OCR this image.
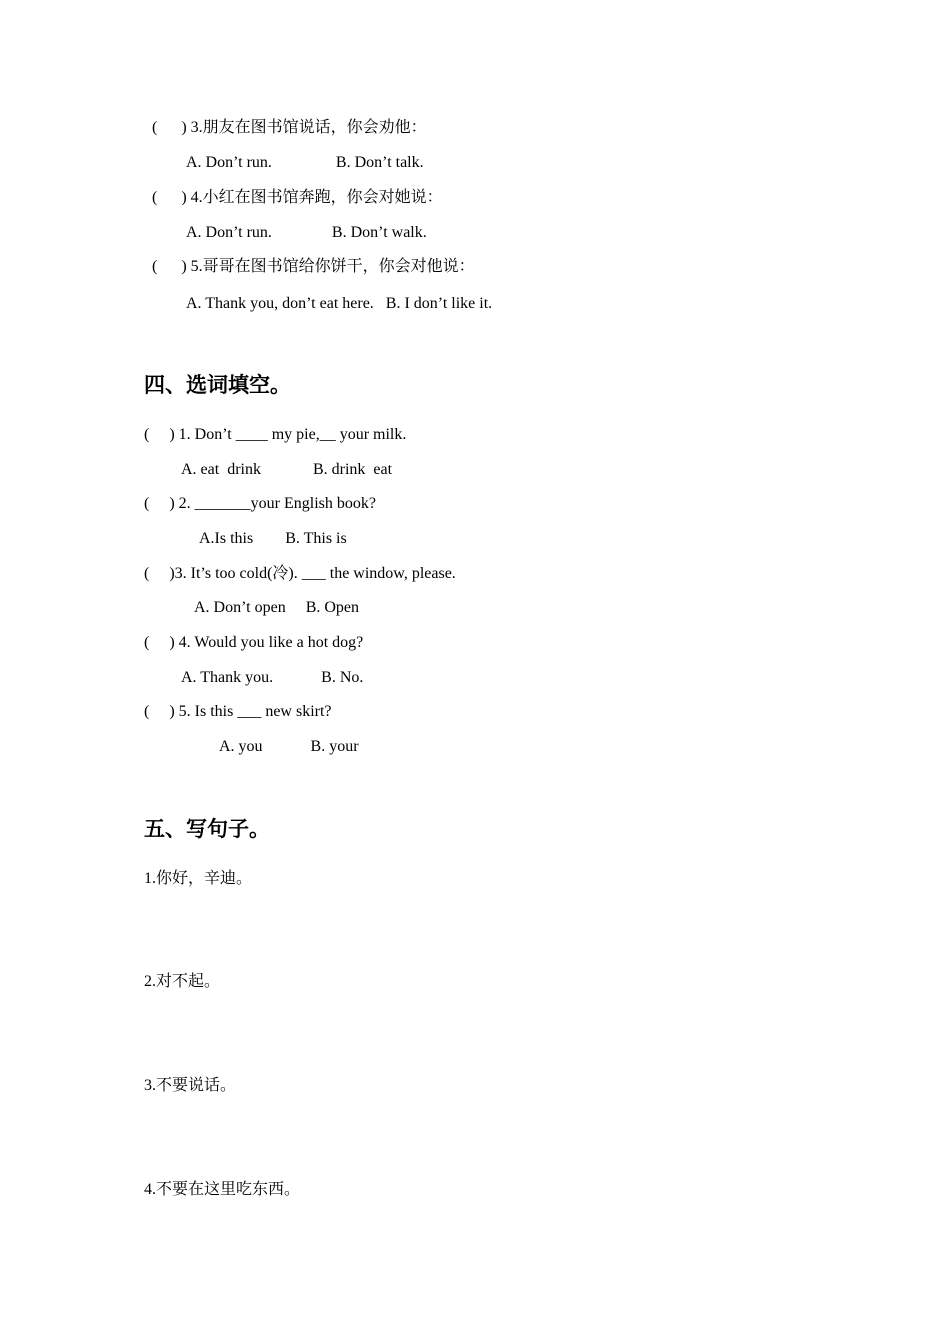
(      ) 3.朋友在图书馆说话，你会劝他：
A. Don’t run.                B. Don’t talk.
(      ) 4.小红在图书馆奔跑，你会对她说：
A. Don’t run.               B. Don’t walk.
(      ) 5.哥哥在图书馆给你饼干，你会对他说：
A. Thank you, don’t eat here.   B. I don’t like it.
四、选词填空。
(     ) 1. Don’t ____ my pie,__ your milk.
A. eat  drink             B. drink  eat
(     ) 2. _______your English book?
A.Is this        B. This is
(     )3. It’s too cold(冷). ___ the window, please.
A. Don’t open     B. Open
(     ) 4. Would you like a hot dog?
A. Thank you.            B. No.
(     ) 5. Is this ___ new skirt?
A. you            B. your
五、写句子。
1.你好，辛迪。
2.对不起。
3.不要说话。
4.不要在这里吃东西。
